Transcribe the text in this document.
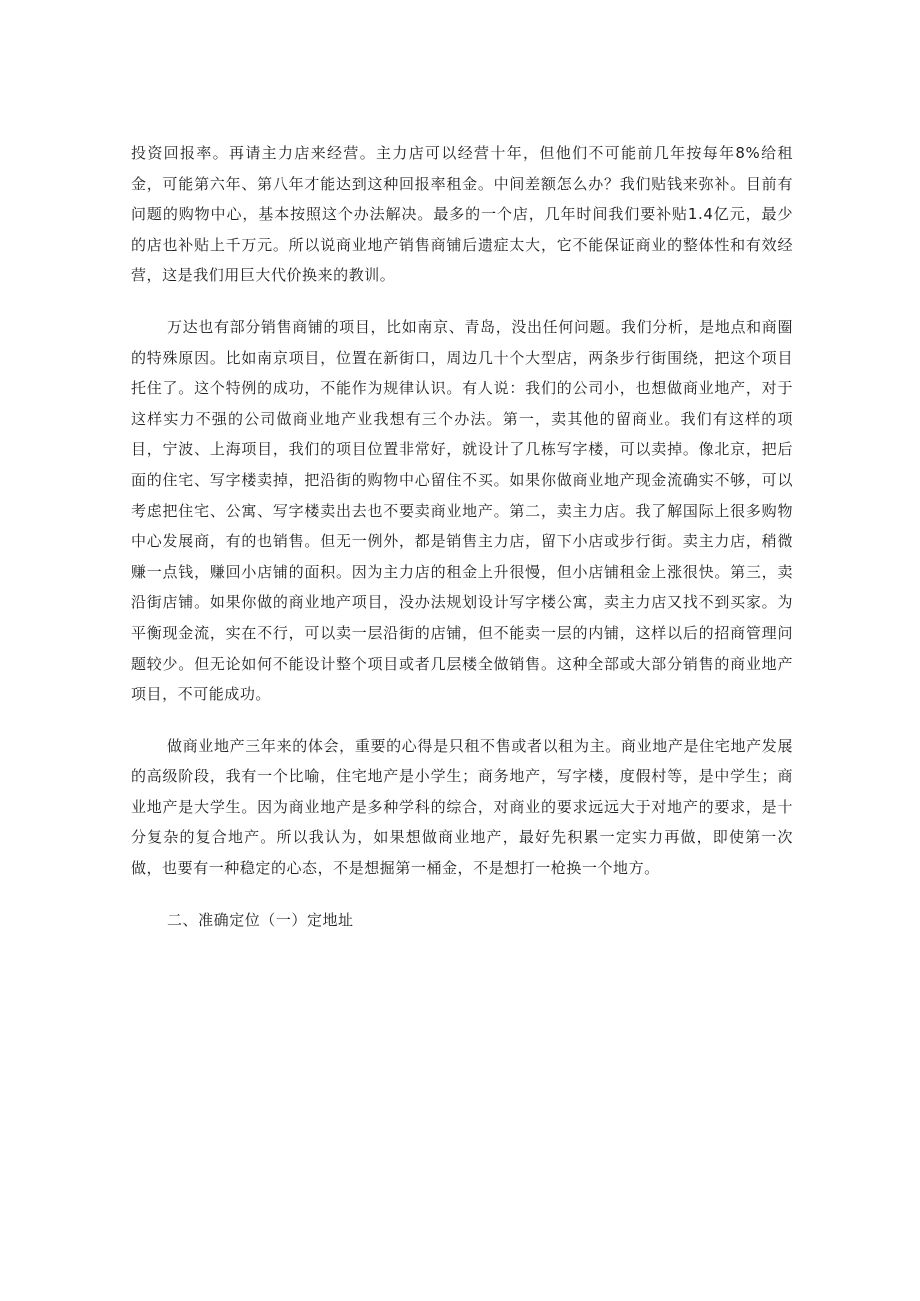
投资回报率。再请主力店来经营。主力店可以经营十年，但他们不可能前几年按每年8%给租金，可能第六年、第八年才能达到这种回报率租金。中间差额怎么办？我们贴钱来弥补。目前有问题的购物中心，基本按照这个办法解决。最多的一个店，几年时间我们要补贴1.4亿元，最少的店也补贴上千万元。所以说商业地产销售商铺后遗症太大，它不能保证商业的整体性和有效经营，这是我们用巨大代价换来的教训。

万达也有部分销售商铺的项目，比如南京、青岛，没出任何问题。我们分析，是地点和商圈的特殊原因。比如南京项目，位置在新街口，周边几十个大型店，两条步行街围绕，把这个项目托住了。这个特例的成功，不能作为规律认识。有人说：我们的公司小，也想做商业地产，对于这样实力不强的公司做商业地产业我想有三个办法。第一，卖其他的留商业。我们有这样的项目，宁波、上海项目，我们的项目位置非常好，就设计了几栋写字楼，可以卖掉。像北京，把后面的住宅、写字楼卖掉，把沿街的购物中心留住不买。如果你做商业地产现金流确实不够，可以考虑把住宅、公寓、写字楼卖出去也不要卖商业地产。第二，卖主力店。我了解国际上很多购物中心发展商，有的也销售。但无一例外，都是销售主力店，留下小店或步行街。卖主力店，稍微赚一点钱，赚回小店铺的面积。因为主力店的租金上升很慢，但小店铺租金上涨很快。第三，卖沿街店铺。如果你做的商业地产项目，没办法规划设计写字楼公寓，卖主力店又找不到买家。为平衡现金流，实在不行，可以卖一层沿街的店铺，但不能卖一层的内铺，这样以后的招商管理问题较少。但无论如何不能设计整个项目或者几层楼全做销售。这种全部或大部分销售的商业地产项目，不可能成功。

做商业地产三年来的体会，重要的心得是只租不售或者以租为主。商业地产是住宅地产发展的高级阶段，我有一个比喻，住宅地产是小学生；商务地产，写字楼，度假村等，是中学生；商业地产是大学生。因为商业地产是多种学科的综合，对商业的要求远远大于对地产的要求，是十分复杂的复合地产。所以我认为，如果想做商业地产，最好先积累一定实力再做，即使第一次做，也要有一种稳定的心态，不是想掘第一桶金，不是想打一枪换一个地方。

二、准确定位（一）定地址
